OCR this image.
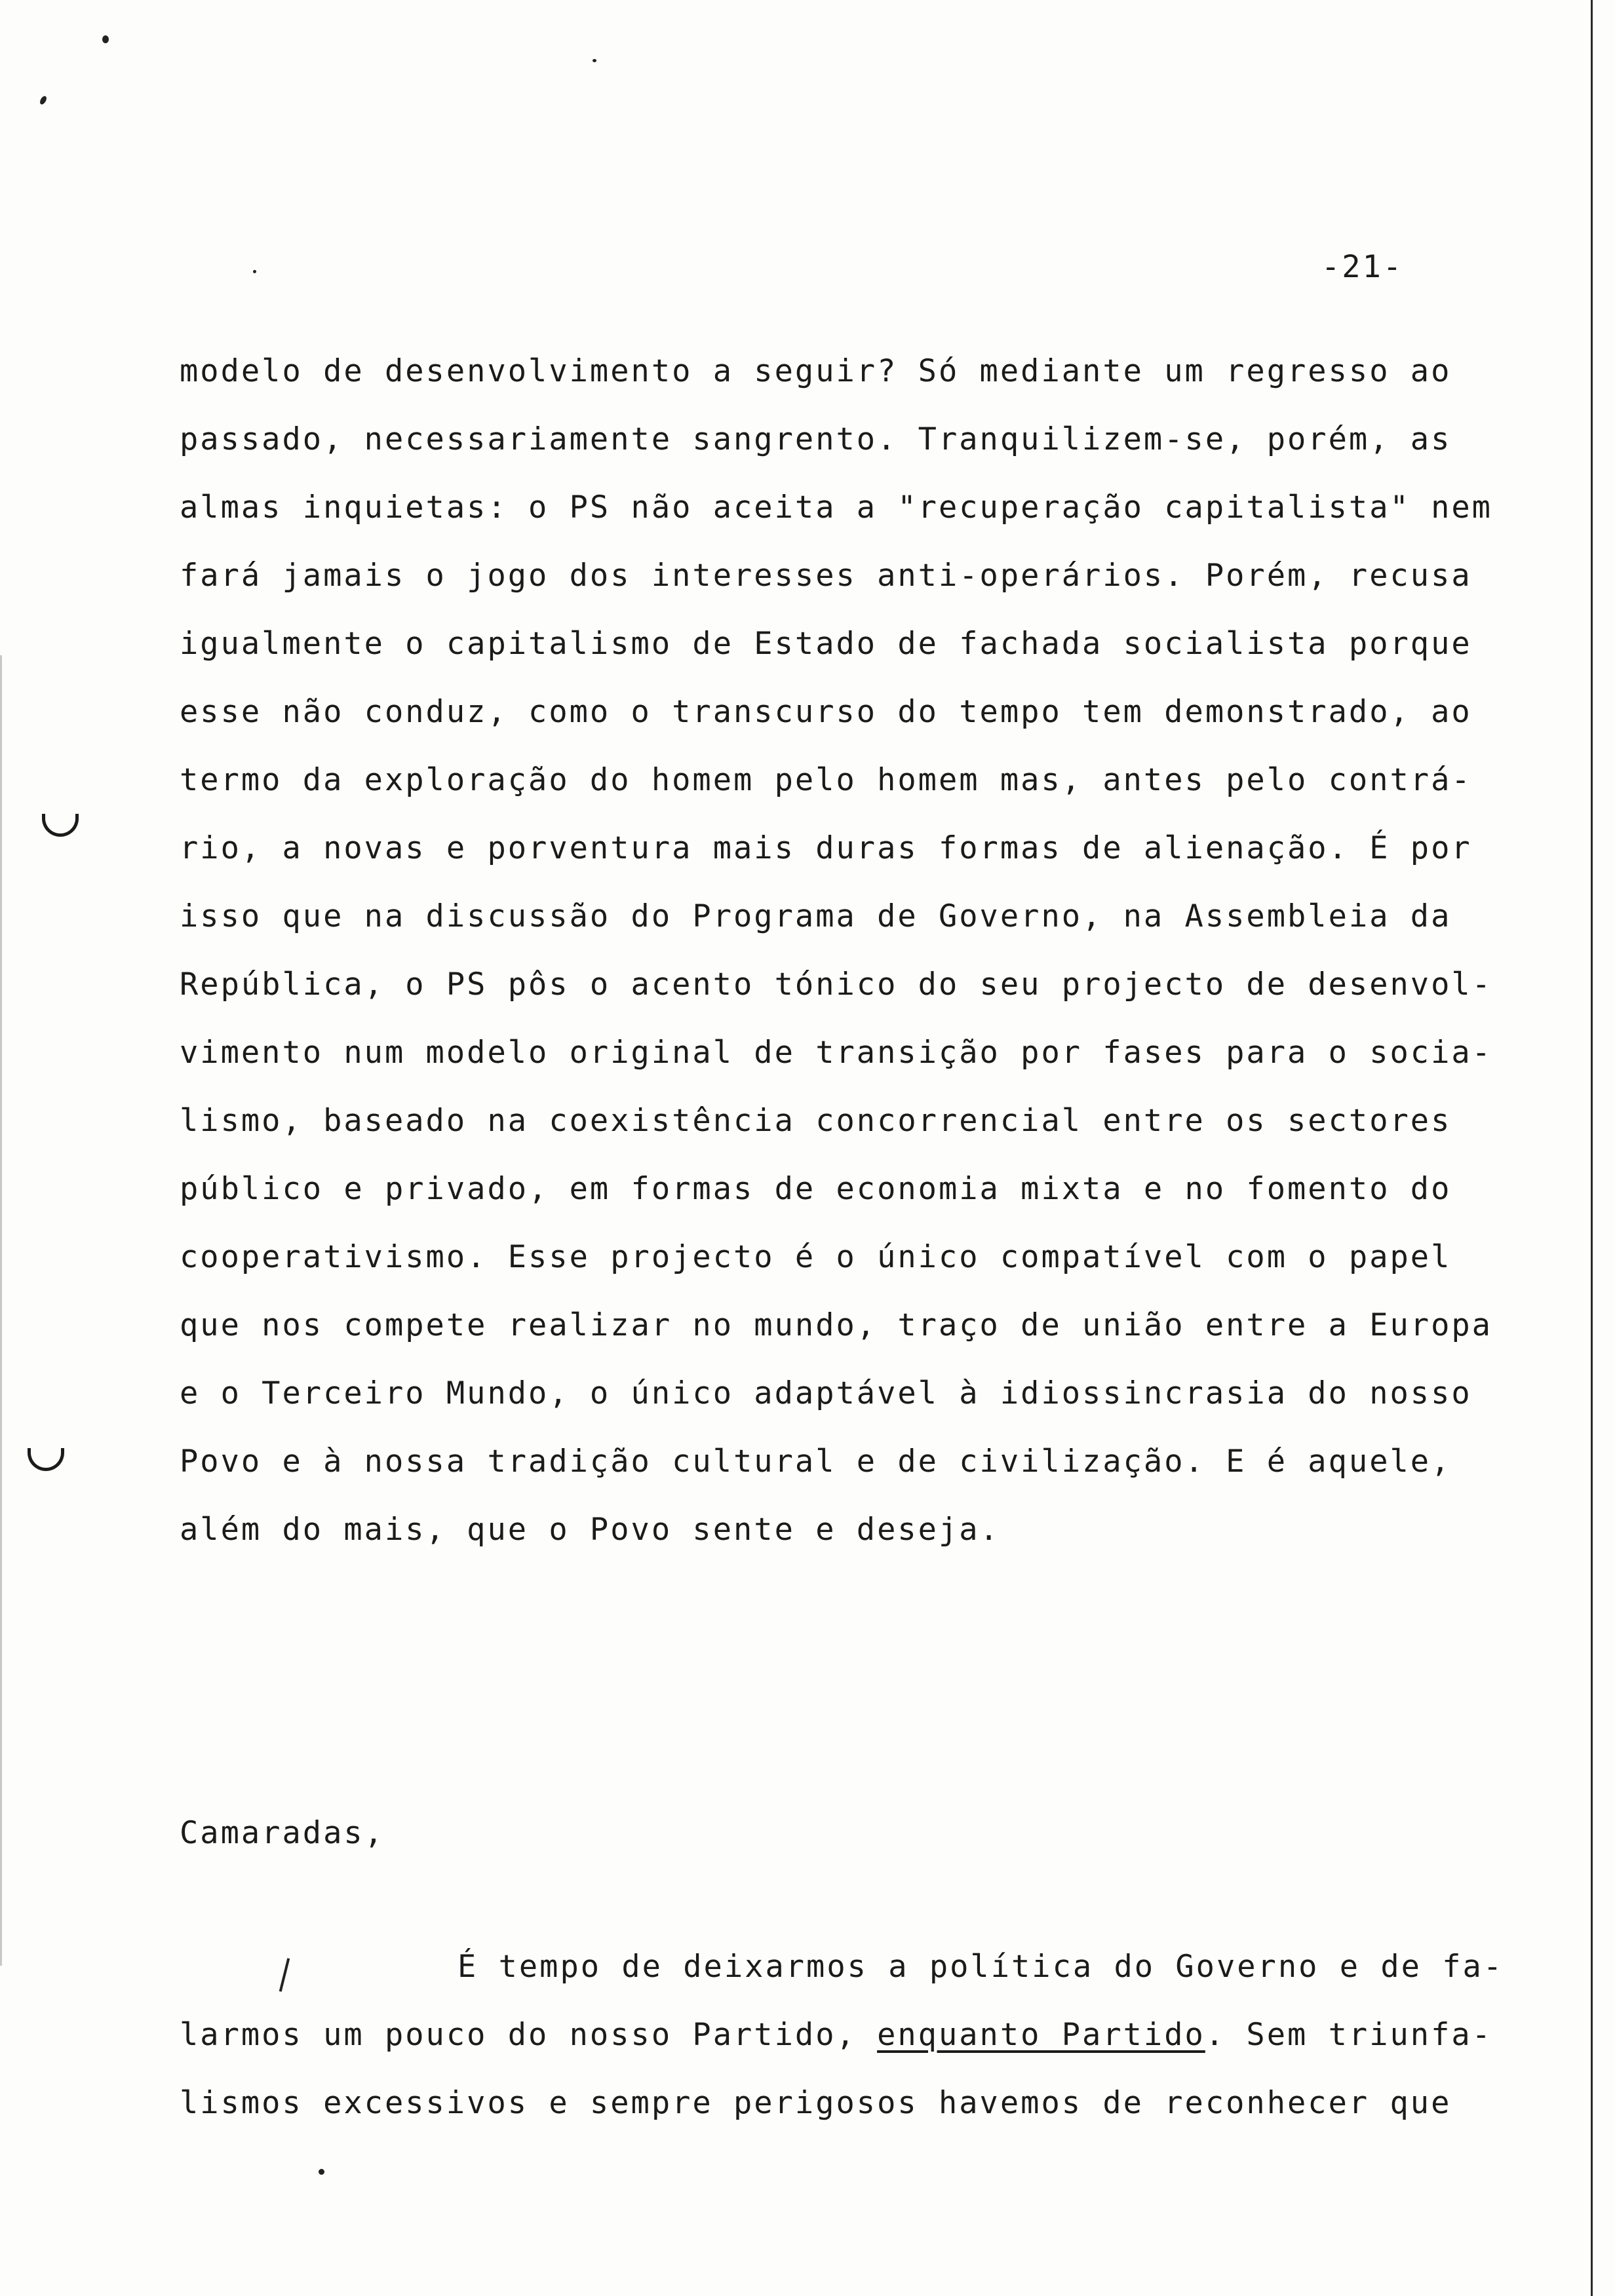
-21-
modelo de desenvolvimento a seguir? Só mediante um regresso ao
passado, necessariamente sangrento. Tranquilizem-se, porém, as
almas inquietas: o PS não aceita a "recuperação capitalista" nem
fará jamais o jogo dos interesses anti-operários. Porém, recusa
igualmente o capitalismo de Estado de fachada socialista porque
esse não conduz, como o transcurso do tempo tem demonstrado, ao
termo da exploração do homem pelo homem mas, antes pelo contrá-
rio, a novas e porventura mais duras formas de alienação. É por
isso que na discussão do Programa de Governo, na Assembleia da
República, o PS pôs o acento tónico do seu projecto de desenvol-
vimento num modelo original de transição por fases para o socia-
lismo, baseado na coexistência concorrencial entre os sectores
público e privado, em formas de economia mixta e no fomento do
cooperativismo. Esse projecto é o único compatível com o papel
que nos compete realizar no mundo, traço de união entre a Europa
e o Terceiro Mundo, o único adaptável à idiossincrasia do nosso
Povo e à nossa tradição cultural e de civilização. E é aquele,
além do mais, que o Povo sente e deseja.
Camaradas,
É tempo de deixarmos a política do Governo e de fa-
larmos um pouco do nosso Partido, enquanto Partido. Sem triunfa-
lismos excessivos e sempre perigosos havemos de reconhecer que
